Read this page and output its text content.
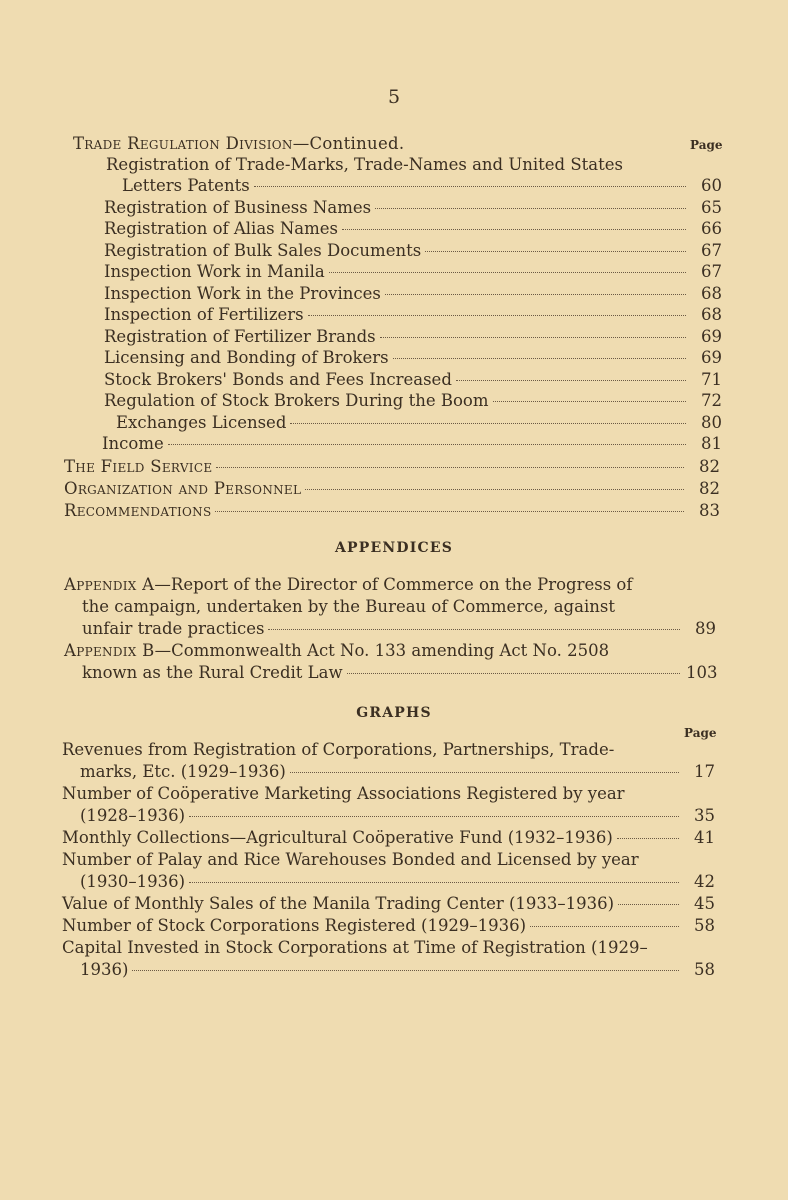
5
Trade Regulation Division—Continued.	Page
Registration of Trade-Marks, Trade-Names and United States
Letters Patents	60
Registration of Business Names	65
Registration of Alias Names	66
Registration of Bulk Sales Documents	67
Inspection Work in Manila	67
Inspection Work in the Provinces	68
Inspection of Fertilizers	68
Registration of Fertilizer Brands	69
Licensing and Bonding of Brokers	69
Stock Brokers' Bonds and Fees Increased	71
Regulation of Stock Brokers During the Boom	72
Exchanges Licensed	80
Income	81
The Field Service	82
Organization and Personnel	82
Recommendations	83
APPENDICES
Appendix A—Report of the Director of Commerce on the Progress of
the campaign, undertaken by the Bureau of Commerce, against
unfair trade practices	89
Appendix B—Commonwealth Act No. 133 amending Act No. 2508
known as the Rural Credit Law	103
GRAPHS
Page
Revenues from Registration of Corporations, Partnerships, Trade-
marks, Etc. (1929–1936)	17
Number of Coöperative Marketing Associations Registered by year
(1928–1936)	35
Monthly Collections—Agricultural Coöperative Fund (1932–1936)	41
Number of Palay and Rice Warehouses Bonded and Licensed by year
(1930–1936)	42
Value of Monthly Sales of the Manila Trading Center (1933–1936)	45
Number of Stock Corporations Registered (1929–1936)	58
Capital Invested in Stock Corporations at Time of Registration (1929–
1936)	58
